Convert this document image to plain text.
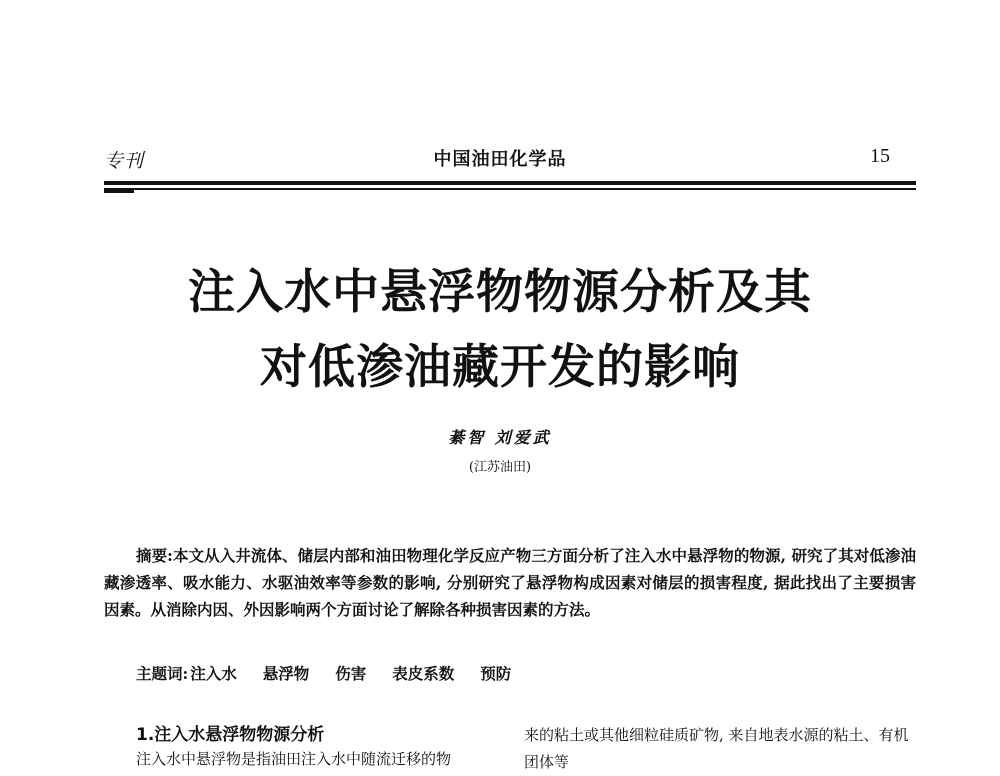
专刊	中国油田化学品	15
注入水中悬浮物物源分析及其
对低渗油藏开发的影响
綦智 刘爱武
(江苏油田)
摘要:本文从入井流体、储层内部和油田物理化学反应产物三方面分析了注入水中悬浮物的物源, 研究了其对低渗油藏渗透率、吸水能力、水驱油效率等参数的影响, 分别研究了悬浮物构成因素对储层的损害程度, 据此找出了主要损害因素。从消除内因、外因影响两个方面讨论了解除各种损害因素的方法。
主题词: 注入水 悬浮物 伤害 表皮系数 预防
1.注入水悬浮物物源分析
注入水中悬浮物是指油田注入水中随流迁移的物
来的粘土或其他细粒硅质矿物, 来自地表水源的粘土、有机团体等
